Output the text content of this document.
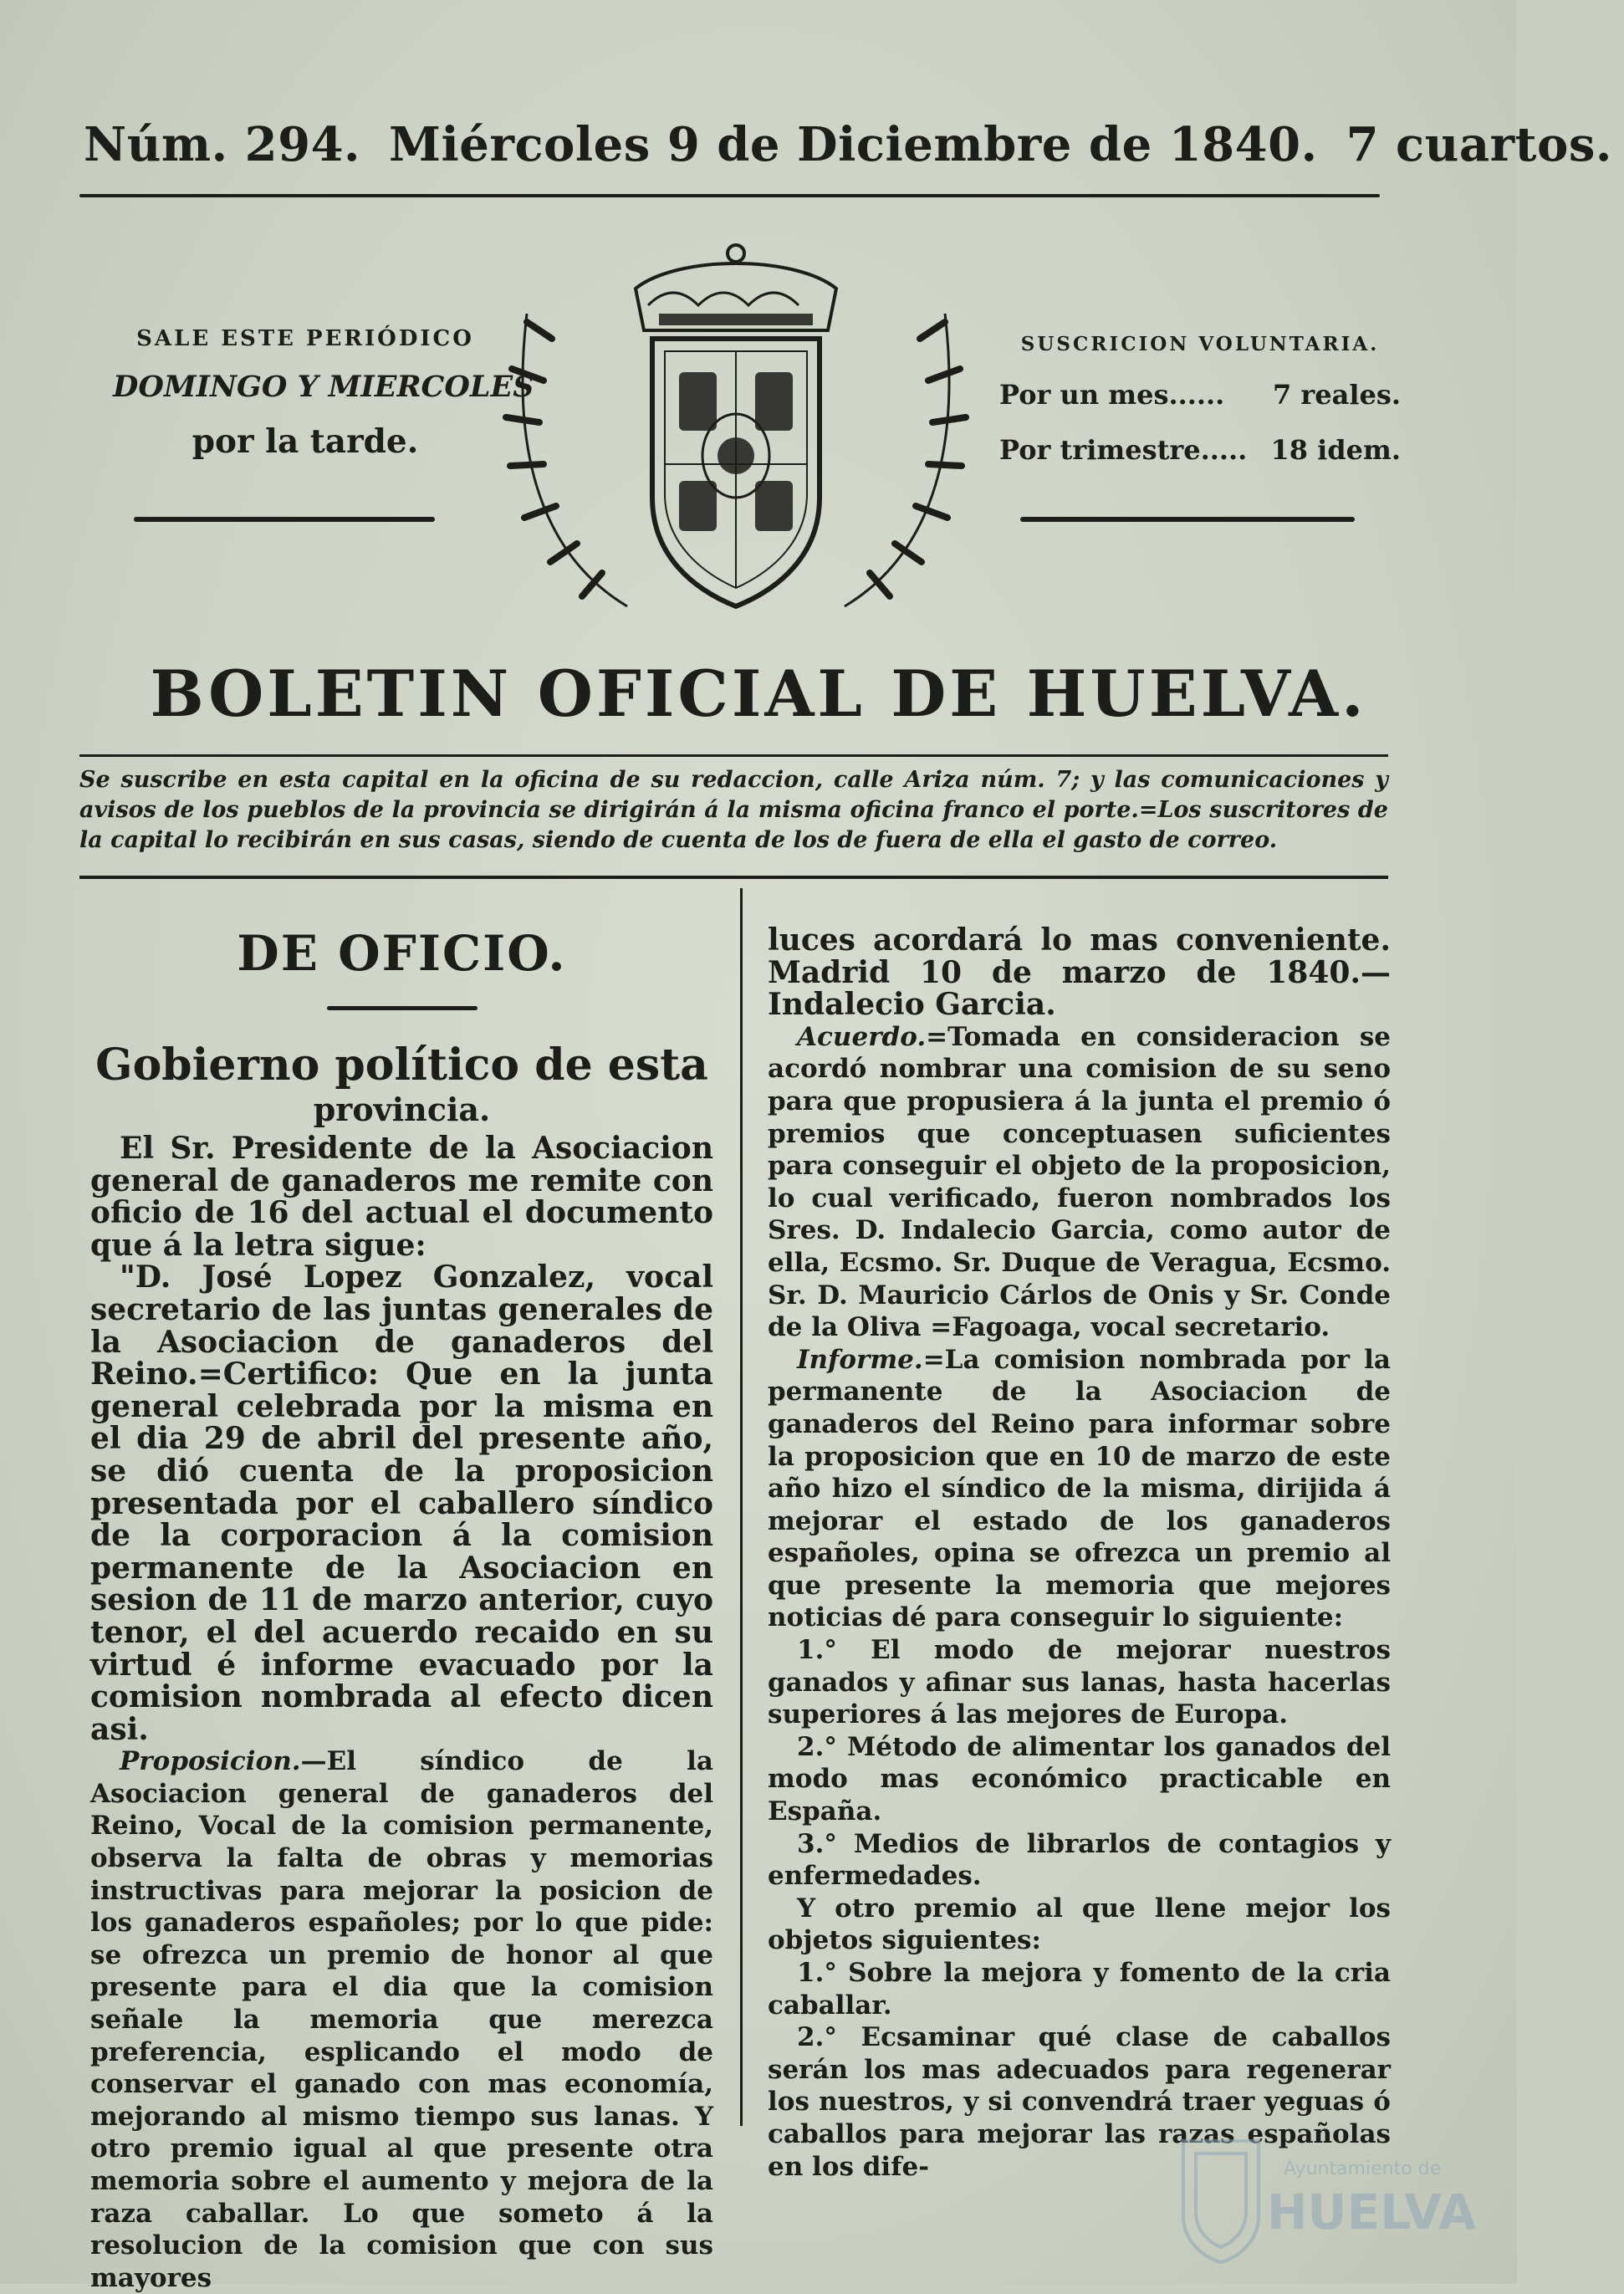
Núm. 294. Miércoles 9 de Diciembre de 1840. 7 cuartos.
SALE ESTE PERIÓDICO
DOMINGO Y MIERCOLES
por la tarde.
SUSCRICION VOLUNTARIA.
Por un mes...... 7 reales.
Por trimestre..... 18 idem.
BOLETIN OFICIAL DE HUELVA.
Se suscribe en esta capital en la oficina de su redaccion, calle Ariza núm. 7; y las comunicaciones y avisos de los pueblos de la provincia se dirigirán á la misma oficina franco el porte.=Los suscritores de la capital lo recibirán en sus casas, siendo de cuenta de los de fuera de ella el gasto de correo.
DE OFICIO.
Gobierno político de esta
provincia.

El Sr. Presidente de la Asociacion general de ganaderos me remite con oficio de 16 del actual el documento que á la letra sigue:

"D. José Lopez Gonzalez, vocal secretario de las juntas generales de la Asociacion de ganaderos del Reino.=Certifico: Que en la junta general celebrada por la misma en el dia 29 de abril del presente año, se dió cuenta de la proposicion presentada por el caballero síndico de la corporacion á la comision permanente de la Asociacion en sesion de 11 de marzo anterior, cuyo tenor, el del acuerdo recaido en su virtud é informe evacuado por la comision nombrada al efecto dicen asi.

Proposicion.—El síndico de la Asociacion general de ganaderos del Reino, Vocal de la comision permanente, observa la falta de obras y memorias instructivas para mejorar la posicion de los ganaderos españoles; por lo que pide: se ofrezca un premio de honor al que presente para el dia que la comision señale la memoria que merezca preferencia, esplicando el modo de conservar el ganado con mas economía, mejorando al mismo tiempo sus lanas. Y otro premio igual al que presente otra memoria sobre el aumento y mejora de la raza caballar. Lo que someto á la resolucion de la comision que con sus mayores

luces acordará lo mas conveniente. Madrid 10 de marzo de 1840.—Indalecio Garcia.

Acuerdo.=Tomada en consideracion se acordó nombrar una comision de su seno para que propusiera á la junta el premio ó premios que conceptuasen suficientes para conseguir el objeto de la proposicion, lo cual verificado, fueron nombrados los Sres. D. Indalecio Garcia, como autor de ella, Ecsmo. Sr. Duque de Veragua, Ecsmo. Sr. D. Mauricio Cárlos de Onis y Sr. Conde de la Oliva =Fagoaga, vocal secretario.

Informe.=La comision nombrada por la permanente de la Asociacion de ganaderos del Reino para informar sobre la proposicion que en 10 de marzo de este año hizo el síndico de la misma, dirijida á mejorar el estado de los ganaderos españoles, opina se ofrezca un premio al que presente la memoria que mejores noticias dé para conseguir lo siguiente:

1.° El modo de mejorar nuestros ganados y afinar sus lanas, hasta hacerlas superiores á las mejores de Europa.

2.° Método de alimentar los ganados del modo mas económico practicable en España.

3.° Medios de librarlos de contagios y enfermedades.

Y otro premio al que llene mejor los objetos siguientes:

1.° Sobre la mejora y fomento de la cria caballar.

2.° Ecsaminar qué clase de caballos serán los mas adecuados para regenerar los nuestros, y si convendrá traer yeguas ó caballos para mejorar las razas españolas en los dife-	Ayuntamiento de
HUELVA
